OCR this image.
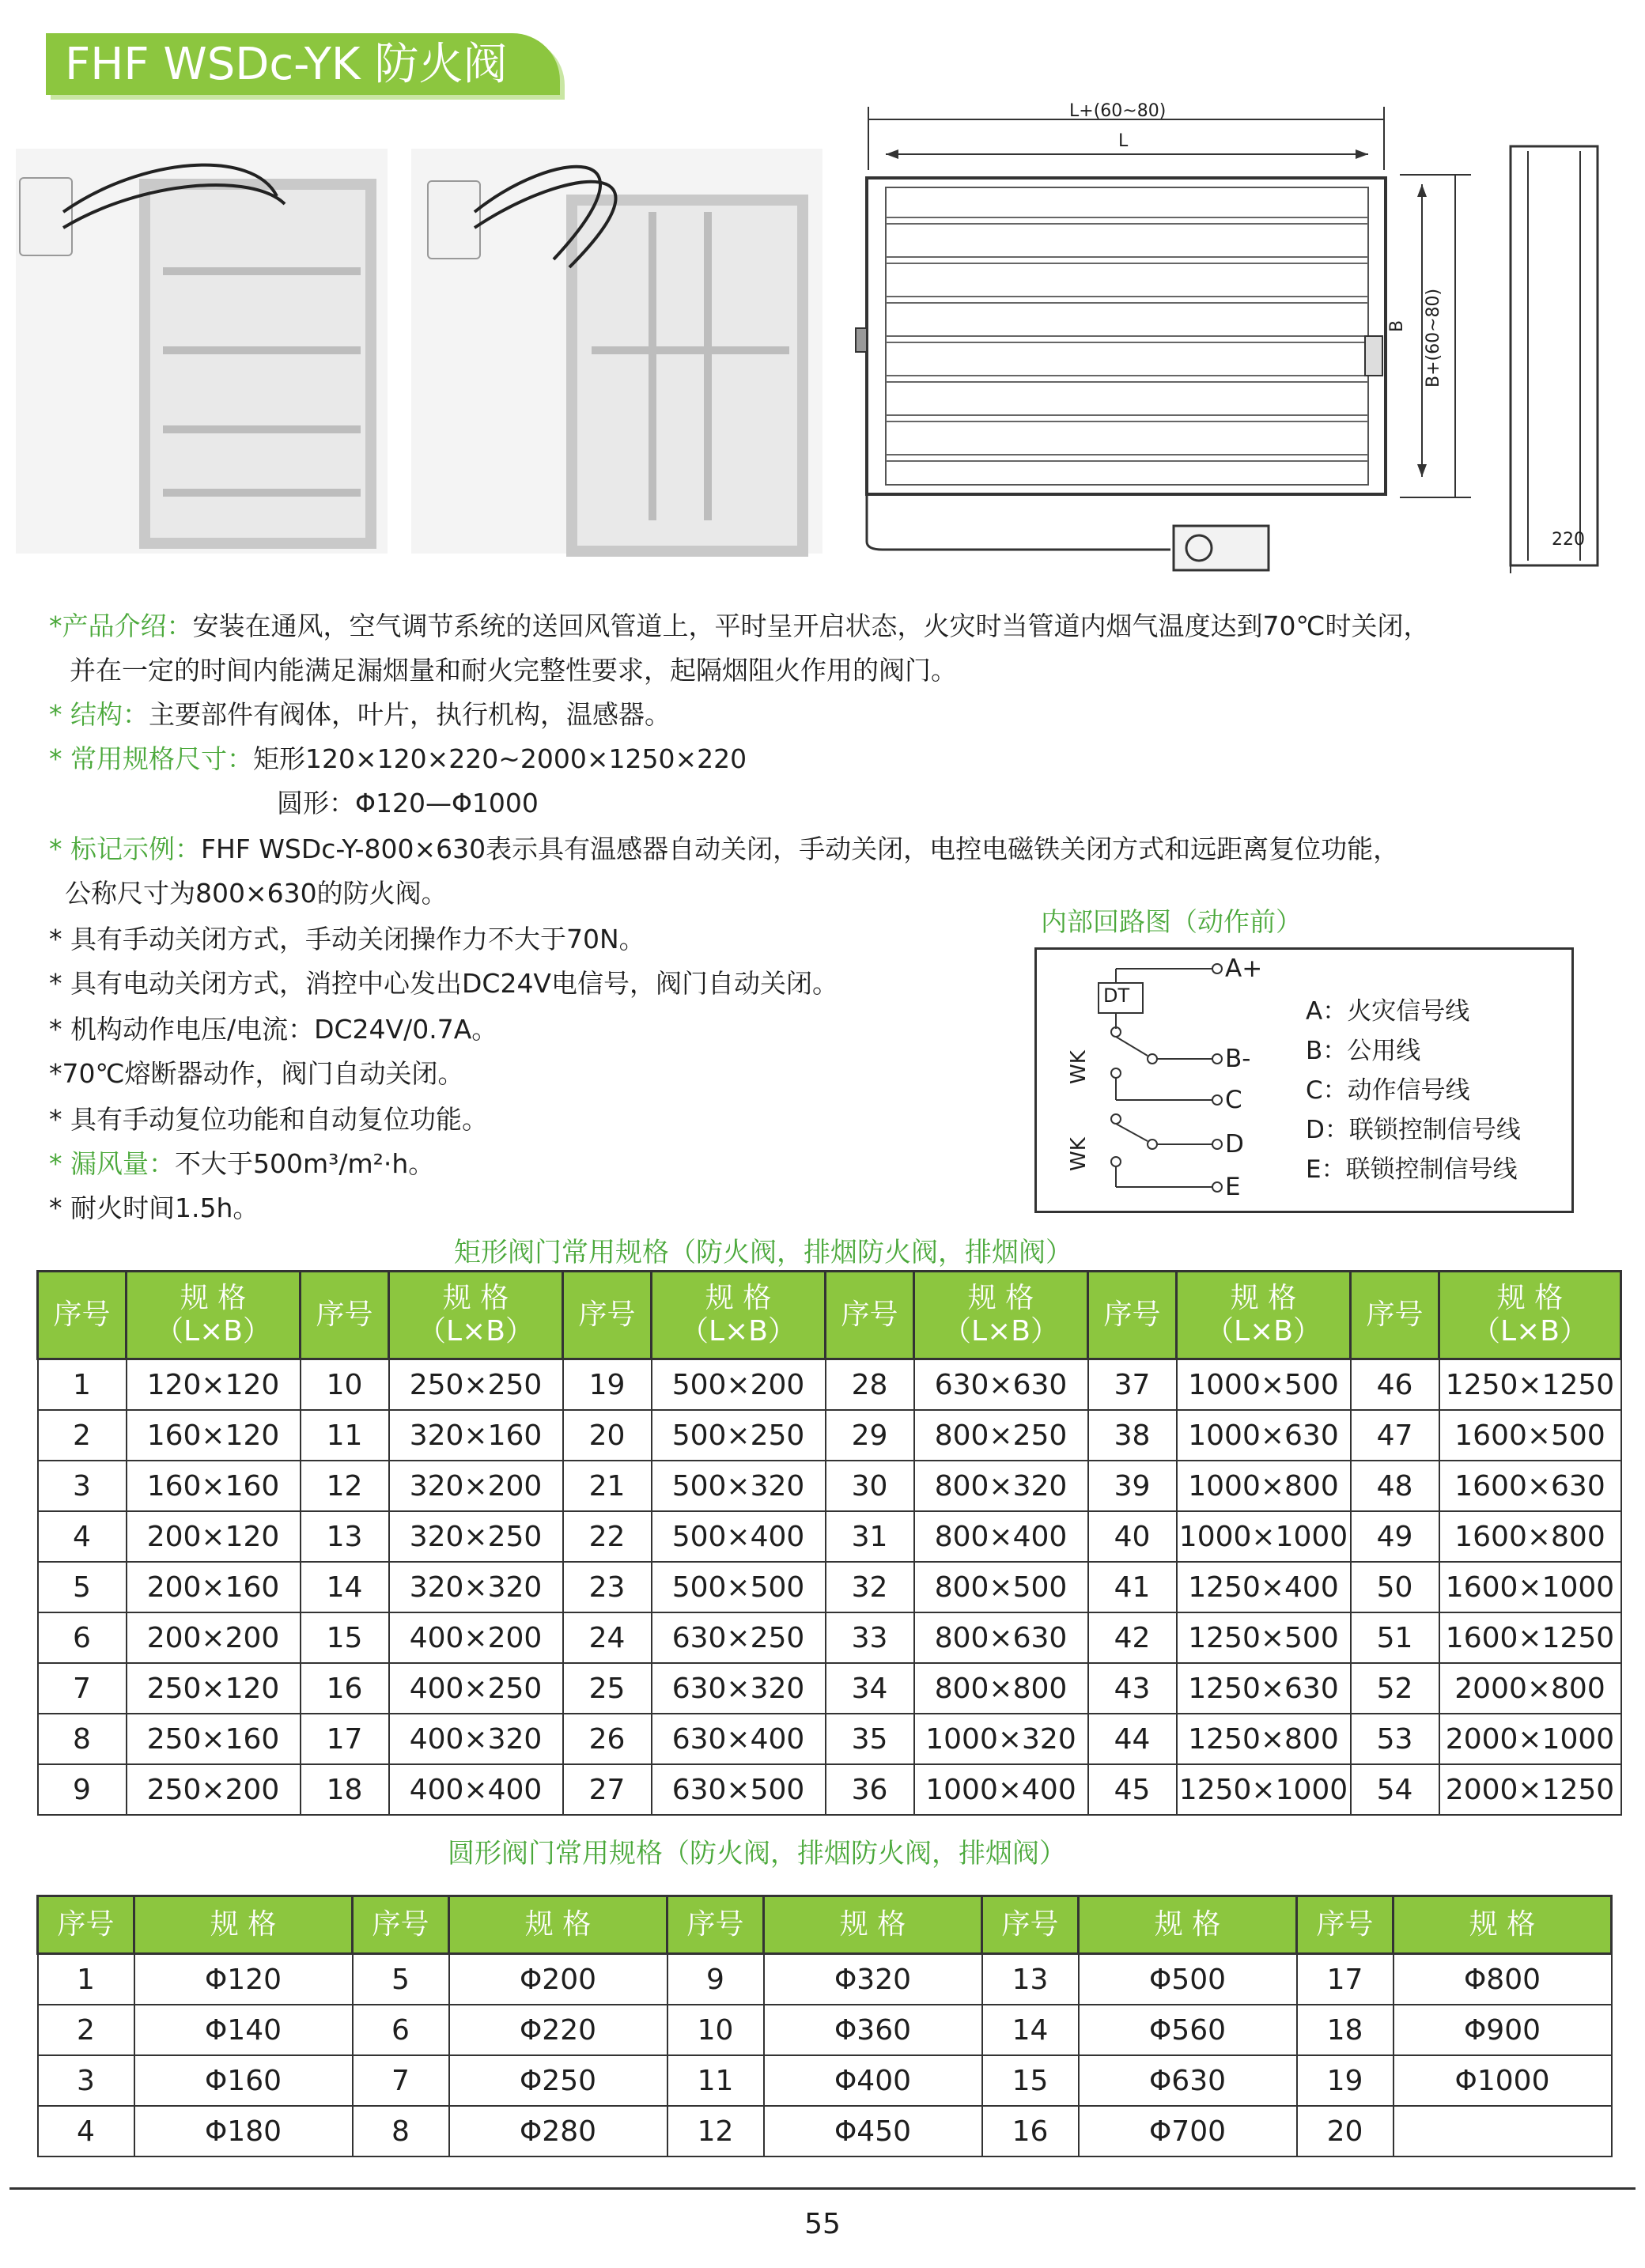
FHF WSDc-YK 防火阀
L+(60~80)
L
B B+(60~80)
220
*产品介绍：安装在通风，空气调节系统的送回风管道上，平时呈开启状态，火灾时当管道内烟气温度达到70℃时关闭，
并在一定的时间内能满足漏烟量和耐火完整性要求，起隔烟阻火作用的阀门。
* 结构：主要部件有阀体，叶片，执行机构，温感器。
* 常用规格尺寸：矩形120×120×220~2000×1250×220
圆形：Φ120—Φ1000
* 标记示例：FHF WSDc-Y-800×630表示具有温感器自动关闭，手动关闭，电控电磁铁关闭方式和远距离复位功能，
公称尺寸为800×630的防火阀。
* 具有手动关闭方式，手动关闭操作力不大于70N。
* 具有电动关闭方式，消控中心发出DC24V电信号，阀门自动关闭。
* 机构动作电压/电流：DC24V/0.7A。
*70℃熔断器动作，阀门自动关闭。
* 具有手动复位功能和自动复位功能。
* 漏风量：不大于500m³/m²·h。
* 耐火时间1.5h。
内部回路图（动作前）
DT
WK
WK
A+
B-
C
D
E
A：火灾信号线
B：公用线
C：动作信号线
D：联锁控制信号线
E：联锁控制信号线
矩形阀门常用规格（防火阀，排烟防火阀，排烟阀）
序号	规 格
（L×B）	序号	规 格
（L×B）	序号	规 格
（L×B）	序号	规 格
（L×B）	序号	规 格
（L×B）	序号	规 格
（L×B）

1	120×120	10	250×250	19	500×200	28	630×630	37	1000×500	46	1250×1250
2	160×120	11	320×160	20	500×250	29	800×250	38	1000×630	47	1600×500
3	160×160	12	320×200	21	500×320	30	800×320	39	1000×800	48	1600×630
4	200×120	13	320×250	22	500×400	31	800×400	40	1000×1000	49	1600×800
5	200×160	14	320×320	23	500×500	32	800×500	41	1250×400	50	1600×1000
6	200×200	15	400×200	24	630×250	33	800×630	42	1250×500	51	1600×1250
7	250×120	16	400×250	25	630×320	34	800×800	43	1250×630	52	2000×800
8	250×160	17	400×320	26	630×400	35	1000×320	44	1250×800	53	2000×1000
9	250×200	18	400×400	27	630×500	36	1000×400	45	1250×1000	54	2000×1250
圆形阀门常用规格（防火阀，排烟防火阀，排烟阀）
序号	规 格	序号	规 格	序号	规 格	序号	规 格	序号	规 格
1	Φ120	5	Φ200	9	Φ320	13	Φ500	17	Φ800
2	Φ140	6	Φ220	10	Φ360	14	Φ560	18	Φ900
3	Φ160	7	Φ250	11	Φ400	15	Φ630	19	Φ1000
4	Φ180	8	Φ280	12	Φ450	16	Φ700	20	
55
